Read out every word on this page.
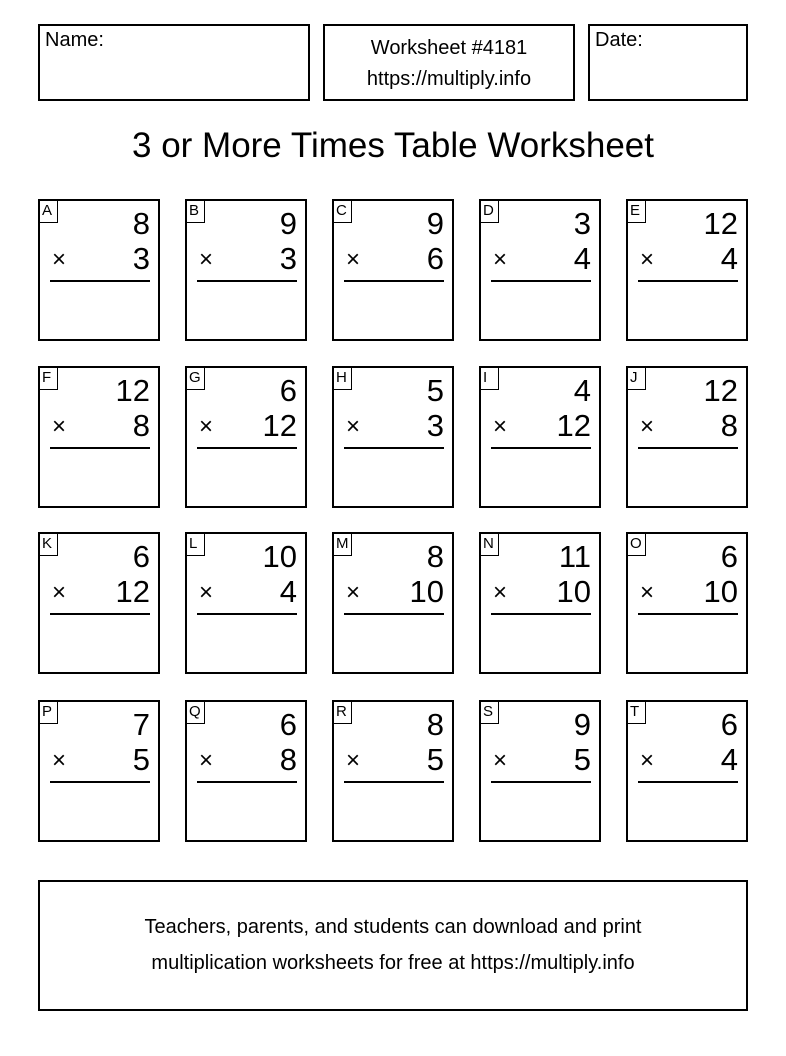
Name:	Worksheet #4181
https://multiply.info
Date:
3 or More Times Table Worksheet
A	8
× 3
B	9
× 3
C	9
× 6
D	3
× 4
E 12
× 4
F 12
× 8
G	6
× 12
H	5
× 3
I	4
× 12
J 12
× 8
K	6
× 12
L 10
× 4
M	8
× 10
N 11
× 10
O	6
× 10
P	7
× 5
Q	6
× 8
R	8
× 5
S	9
× 5
T	6
× 4
Teachers, parents, and students can download and print
multiplication worksheets for free at https://multiply.info
